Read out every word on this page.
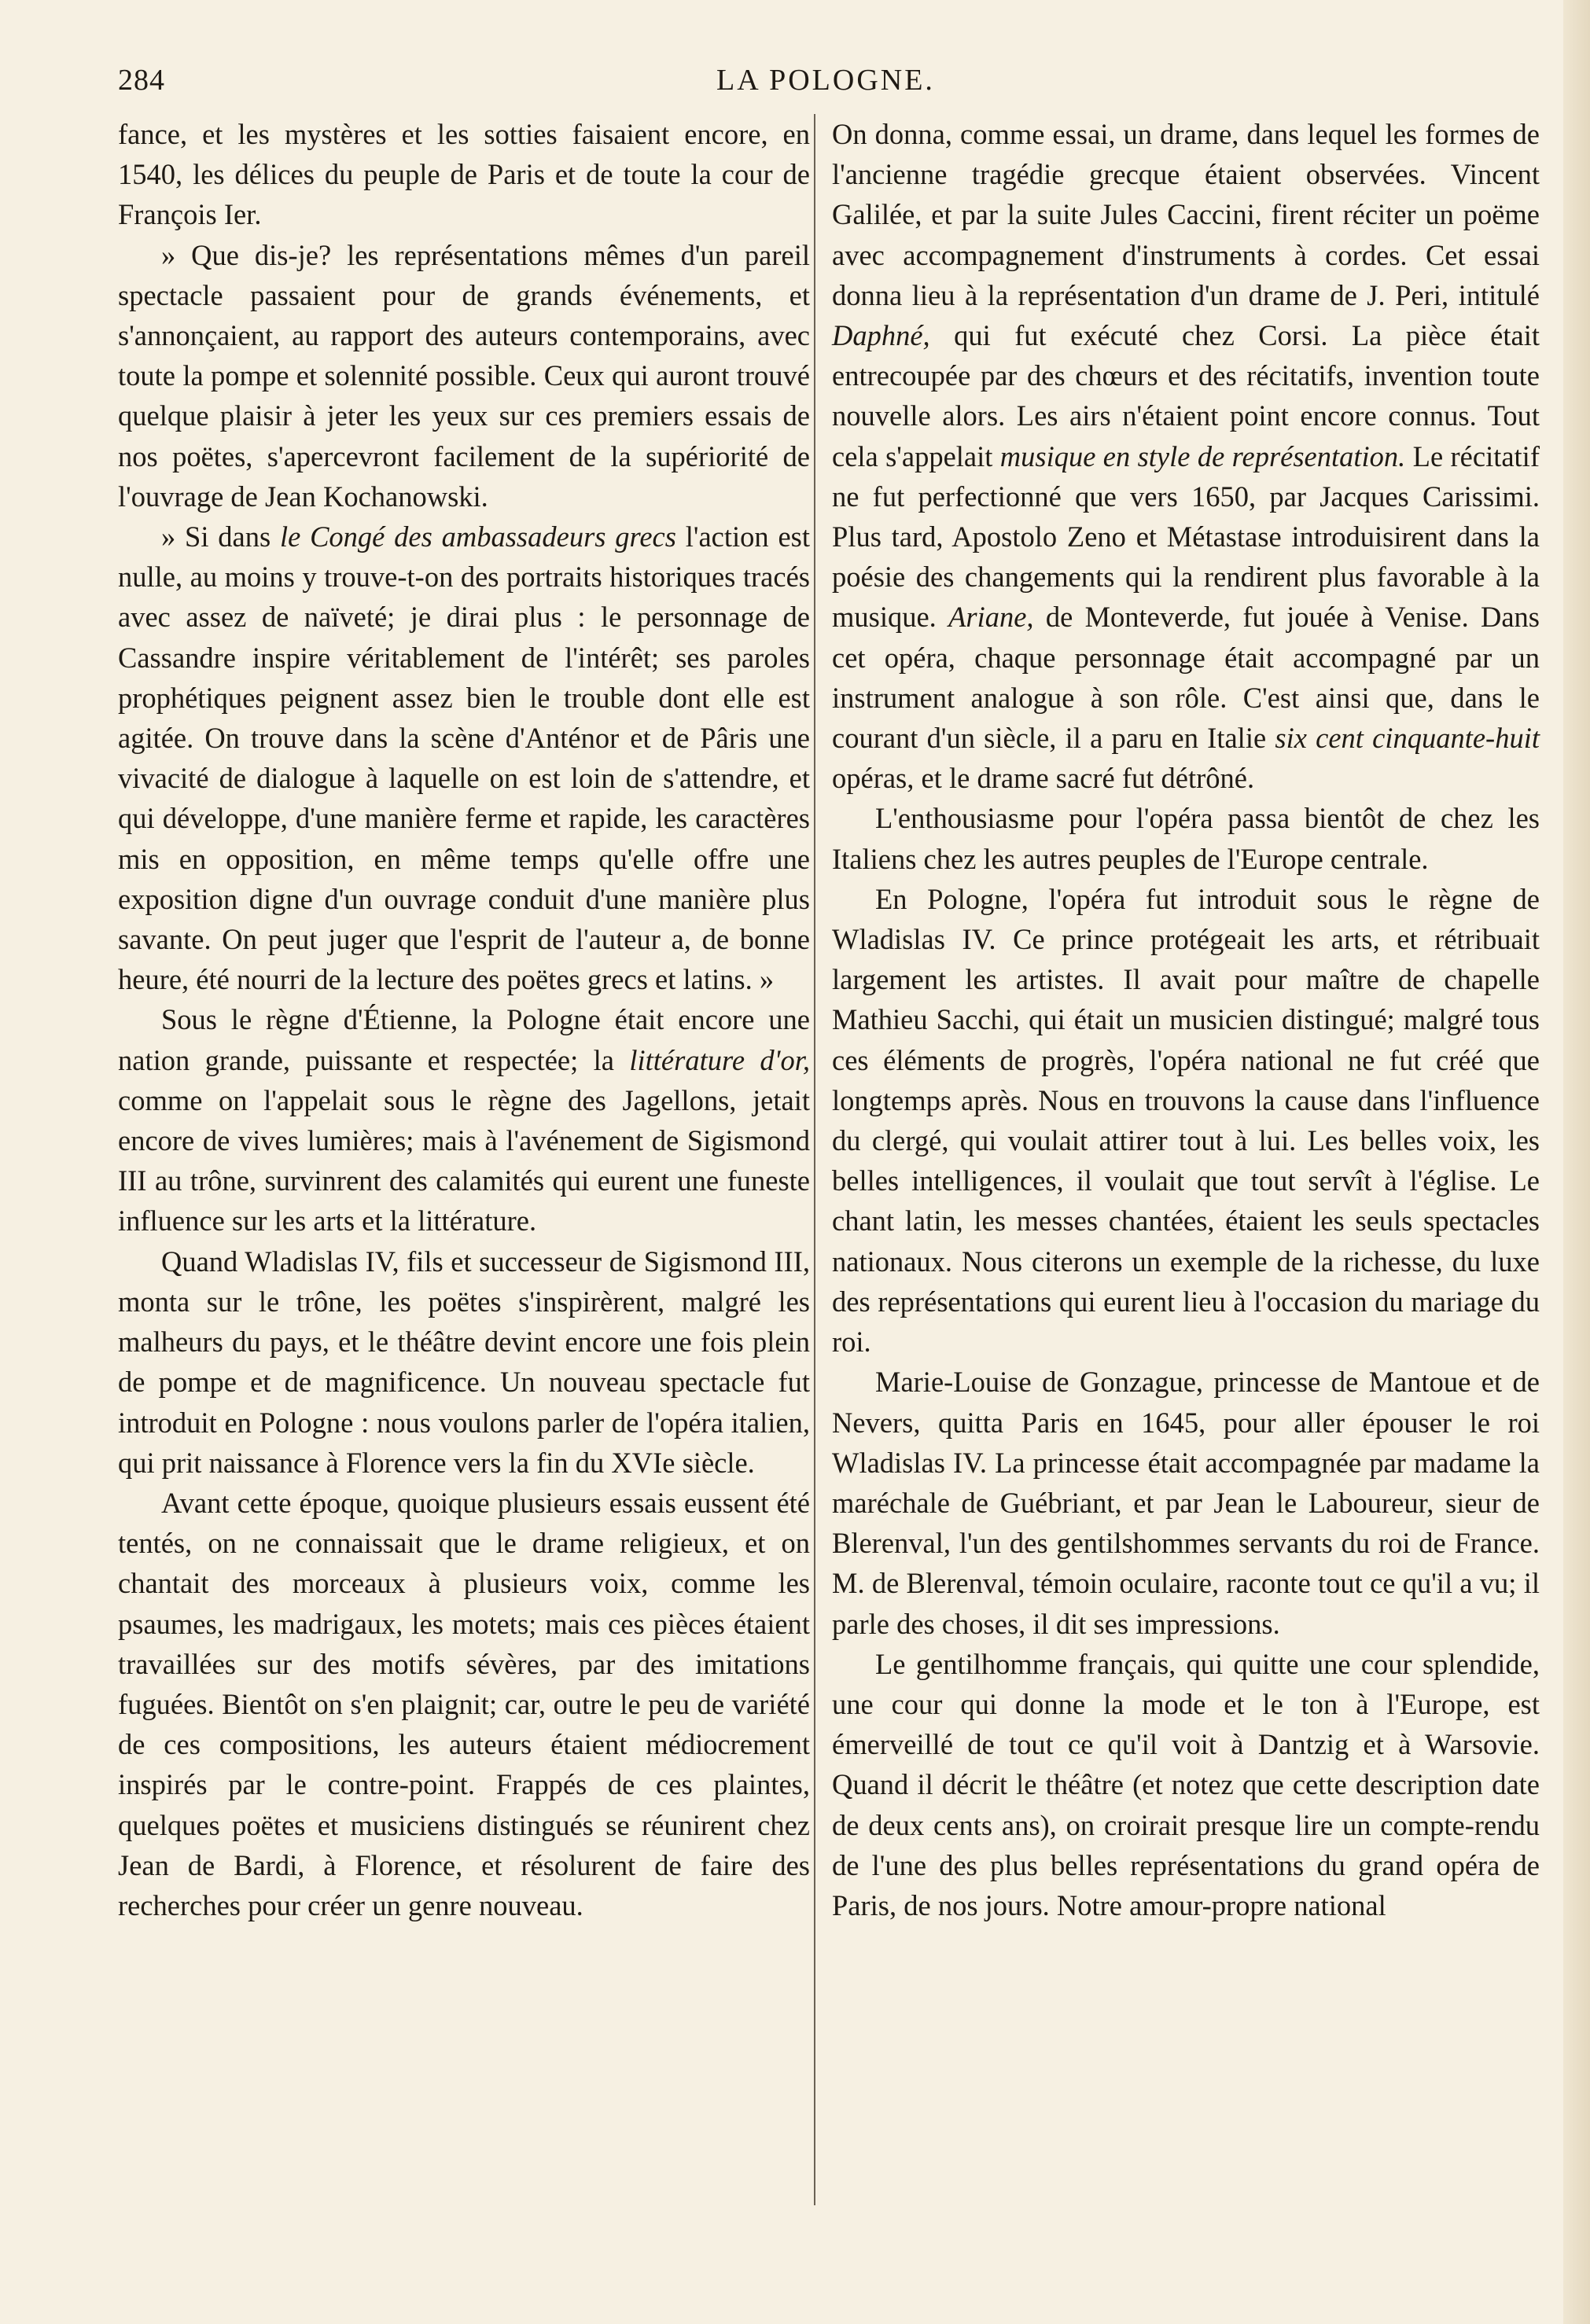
284	LA POLOGNE.

fance, et les mystères et les sotties faisaient encore, en 1540, les délices du peuple de Paris et de toute la cour de François Ier.

» Que dis-je? les représentations mêmes d'un pareil spectacle passaient pour de grands événements, et s'annonçaient, au rapport des auteurs contemporains, avec toute la pompe et solennité possible. Ceux qui auront trouvé quelque plaisir à jeter les yeux sur ces premiers essais de nos poëtes, s'apercevront facilement de la supériorité de l'ouvrage de Jean Kochanowski.

» Si dans le Congé des ambassadeurs grecs l'action est nulle, au moins y trouve-t-on des portraits historiques tracés avec assez de naïveté; je dirai plus : le personnage de Cassandre inspire véritablement de l'intérêt; ses paroles prophétiques peignent assez bien le trouble dont elle est agitée. On trouve dans la scène d'Anténor et de Pâris une vivacité de dialogue à laquelle on est loin de s'attendre, et qui développe, d'une manière ferme et rapide, les caractères mis en opposition, en même temps qu'elle offre une exposition digne d'un ouvrage conduit d'une manière plus savante. On peut juger que l'esprit de l'auteur a, de bonne heure, été nourri de la lecture des poëtes grecs et latins. »

Sous le règne d'Étienne, la Pologne était encore une nation grande, puissante et respectée; la littérature d'or, comme on l'appelait sous le règne des Jagellons, jetait encore de vives lumières; mais à l'avénement de Sigismond III au trône, survinrent des calamités qui eurent une funeste influence sur les arts et la littérature.

Quand Wladislas IV, fils et successeur de Sigismond III, monta sur le trône, les poëtes s'inspirèrent, malgré les malheurs du pays, et le théâtre devint encore une fois plein de pompe et de magnificence. Un nouveau spectacle fut introduit en Pologne : nous voulons parler de l'opéra italien, qui prit naissance à Florence vers la fin du XVIe siècle.

Avant cette époque, quoique plusieurs essais eussent été tentés, on ne connaissait que le drame religieux, et on chantait des morceaux à plusieurs voix, comme les psaumes, les madrigaux, les motets; mais ces pièces étaient travaillées sur des motifs sévères, par des imitations fuguées. Bientôt on s'en plaignit; car, outre le peu de variété de ces compositions, les auteurs étaient médiocrement inspirés par le contre-point. Frappés de ces plaintes, quelques poëtes et musiciens distingués se réunirent chez Jean de Bardi, à Florence, et résolurent de faire des recherches pour créer un genre nouveau.

On donna, comme essai, un drame, dans lequel les formes de l'ancienne tragédie grecque étaient observées. Vincent Galilée, et par la suite Jules Caccini, firent réciter un poëme avec accompagnement d'instruments à cordes. Cet essai donna lieu à la représentation d'un drame de J. Peri, intitulé Daphné, qui fut exécuté chez Corsi. La pièce était entrecoupée par des chœurs et des récitatifs, invention toute nouvelle alors. Les airs n'étaient point encore connus. Tout cela s'appelait musique en style de représentation. Le récitatif ne fut perfectionné que vers 1650, par Jacques Carissimi. Plus tard, Apostolo Zeno et Métastase introduisirent dans la poésie des changements qui la rendirent plus favorable à la musique. Ariane, de Monteverde, fut jouée à Venise. Dans cet opéra, chaque personnage était accompagné par un instrument analogue à son rôle. C'est ainsi que, dans le courant d'un siècle, il a paru en Italie six cent cinquante-huit opéras, et le drame sacré fut détrôné.

L'enthousiasme pour l'opéra passa bientôt de chez les Italiens chez les autres peuples de l'Europe centrale.

En Pologne, l'opéra fut introduit sous le règne de Wladislas IV. Ce prince protégeait les arts, et rétribuait largement les artistes. Il avait pour maître de chapelle Mathieu Sacchi, qui était un musicien distingué; malgré tous ces éléments de progrès, l'opéra national ne fut créé que longtemps après. Nous en trouvons la cause dans l'influence du clergé, qui voulait attirer tout à lui. Les belles voix, les belles intelligences, il voulait que tout servît à l'église. Le chant latin, les messes chantées, étaient les seuls spectacles nationaux. Nous citerons un exemple de la richesse, du luxe des représentations qui eurent lieu à l'occasion du mariage du roi.

Marie-Louise de Gonzague, princesse de Mantoue et de Nevers, quitta Paris en 1645, pour aller épouser le roi Wladislas IV. La princesse était accompagnée par madame la maréchale de Guébriant, et par Jean le Laboureur, sieur de Blerenval, l'un des gentilshommes servants du roi de France. M. de Blerenval, témoin oculaire, raconte tout ce qu'il a vu; il parle des choses, il dit ses impressions.

Le gentilhomme français, qui quitte une cour splendide, une cour qui donne la mode et le ton à l'Europe, est émerveillé de tout ce qu'il voit à Dantzig et à Warsovie. Quand il décrit le théâtre (et notez que cette description date de deux cents ans), on croirait presque lire un compte-rendu de l'une des plus belles représentations du grand opéra de Paris, de nos jours. Notre amour-propre national
